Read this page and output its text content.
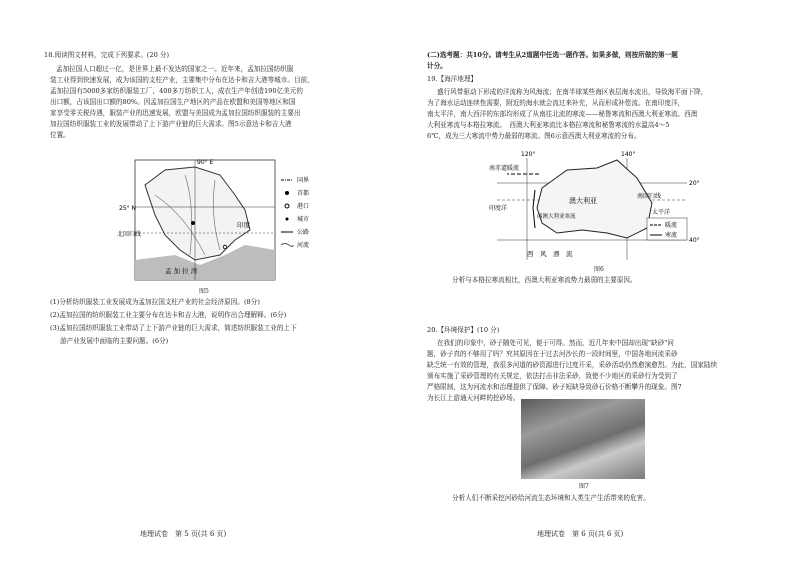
18.阅读图文材料，完成下列要求。(20 分)
孟加拉国人口超过一亿，是世界上最不发达的国家之一。近年来，孟加拉国纺织服
装工业得到快速发展，成为该国的支柱产业，主要集中分布在达卡和吉大港等城市。目前，
孟加拉国有5000多家纺织服装工厂，400多万纺织工人，成衣生产年创造190亿美元的
出口额，占该国出口额的80%。因孟加拉国生产地区的产品在欧盟和美国等地区和国
家享受零关税待遇，服装产业的迅速发展，欧盟与美国成为孟加拉国纺织服装的主要出
加拉国纺织服装工业的发展带动了上下游产业链的巨大需求。图5示意达卡和吉大港
位置。
90° E
25° N
北回归线
印度
孟 加 拉 湾
国界
首都
港口
城市
公路
河流
图5
(1)分析纺织服装工业发展成为孟加拉国支柱产业的社会经济原因。(8分)
(2)孟加拉国的纺织服装工业主要分布在达卡和吉大港，说明作出合理解释。(6分)
(3)孟加拉国纺织服装工业带动了上下游产业链的巨大需求，简述纺织服装工业的上下
游产业发展中面临的主要问题。(6分)
地理试卷　第 5 页(共 6 页)
(二)选考题：共10分。请考生从2道题中任选一题作答。如果多做，则按所做的第一题
计分。
19.【海洋地理】
盛行风带驱动下形成的洋流称为风海流；在南半球某些海区表层海水流出，导致海平面下降，
为了海水运动连续性需要，附近的海水就会流过来补充，从而形成补偿流。在南印度洋，
南太平洋，南大西洋的东部均形成了从南往北流的寒流——秘鲁寒流和西澳大利亚寒流、西澳
大利亚寒流与本格拉寒流。　西澳大利亚寒流比本格拉寒流和秘鲁寒流的水温高4～5
6℃，成为三大寒流中势力最弱的寒流。图6示意西澳大利亚寒流的分布。
120°	140°
20°
40°
南回归线
南赤道暖流
印度洋
太平洋
澳大利亚
西澳大利亚寒流
西　风　漂　流
暖流
寒流
图6
分析与本格拉寒流相比，西澳大利亚寒流势力最弱的主要原因。
20.【环境保护】(10 分)
在我们的印象中，砂子随处可见，便于可得。然而，近几年来中国却出现"缺砂"问
题，砂子真的不够用了吗？究其原因在于过去河沙长的一段时间里，中国各地河流采砂
缺乏统一有效的管理，我很多河道的砂资源进行过度开采，采砂活动仍然愈演愈烈。为此，国家陆续
颁布实施了采砂管理的有关规定，依法打击非法采砂，致使不少地区的采砂行为受到了
严格限制，这为河流水和治理提供了保障。砂子短缺导致砂石价格不断攀升的现象。图7
为长江上游通天河畔的挖砂场。
图7
分析人们不断采挖河砂给河流生态环境和人类生产生活带来的危害。
地理试卷　第 6 页(共 6 页)
